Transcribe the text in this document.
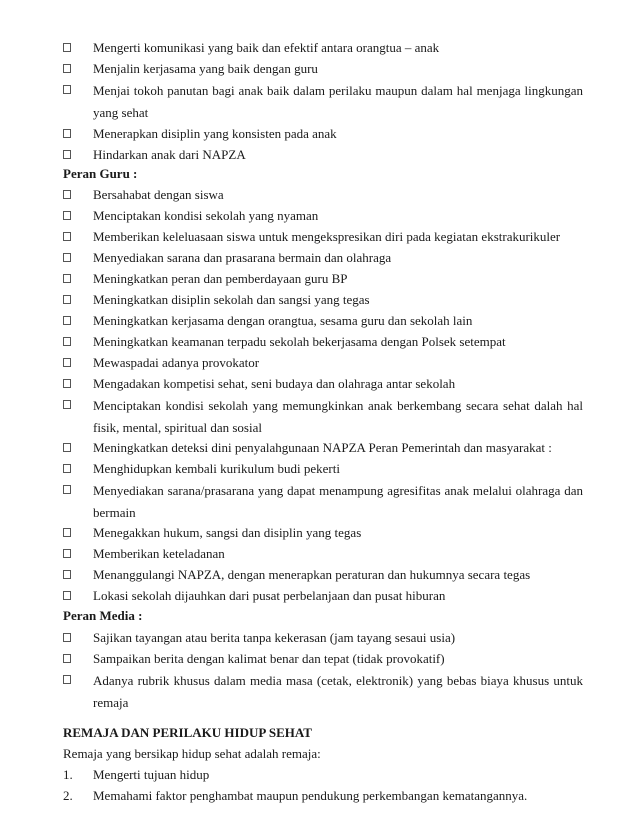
Mengerti komunikasi yang baik dan efektif antara orangtua – anak
Menjalin kerjasama yang baik dengan guru
Menjai tokoh panutan bagi anak baik dalam perilaku maupun dalam hal menjaga lingkungan yang sehat
Menerapkan disiplin yang konsisten pada anak
Hindarkan anak dari NAPZA
Peran Guru :
Bersahabat dengan siswa
Menciptakan kondisi sekolah yang nyaman
Memberikan keleluasaan siswa untuk mengekspresikan diri pada kegiatan ekstrakurikuler
Menyediakan sarana dan prasarana bermain dan olahraga
Meningkatkan peran dan pemberdayaan guru BP
Meningkatkan disiplin sekolah dan sangsi yang tegas
Meningkatkan kerjasama dengan orangtua, sesama guru dan sekolah lain
Meningkatkan keamanan terpadu sekolah bekerjasama dengan Polsek setempat
Mewaspadai adanya provokator
Mengadakan kompetisi sehat, seni budaya dan olahraga antar sekolah
Menciptakan kondisi sekolah yang memungkinkan anak berkembang secara sehat dalah hal fisik, mental, spiritual dan sosial
Meningkatkan deteksi dini penyalahgunaan NAPZA Peran Pemerintah dan masyarakat :
Menghidupkan kembali kurikulum budi pekerti
Menyediakan sarana/prasarana yang dapat menampung agresifitas anak melalui olahraga dan bermain
Menegakkan hukum, sangsi dan disiplin yang tegas
Memberikan keteladanan
Menanggulangi NAPZA, dengan menerapkan peraturan dan hukumnya secara tegas
Lokasi sekolah dijauhkan dari pusat perbelanjaan dan pusat hiburan
Peran Media :
Sajikan tayangan atau berita tanpa kekerasan (jam tayang sesaui usia)
Sampaikan berita dengan kalimat benar dan tepat (tidak provokatif)
Adanya rubrik khusus dalam media masa (cetak, elektronik) yang bebas biaya khusus untuk remaja
REMAJA DAN PERILAKU HIDUP SEHAT
Remaja yang bersikap hidup sehat adalah remaja:
1. Mengerti tujuan hidup
2. Memahami faktor penghambat maupun pendukung perkembangan kematangannya.
